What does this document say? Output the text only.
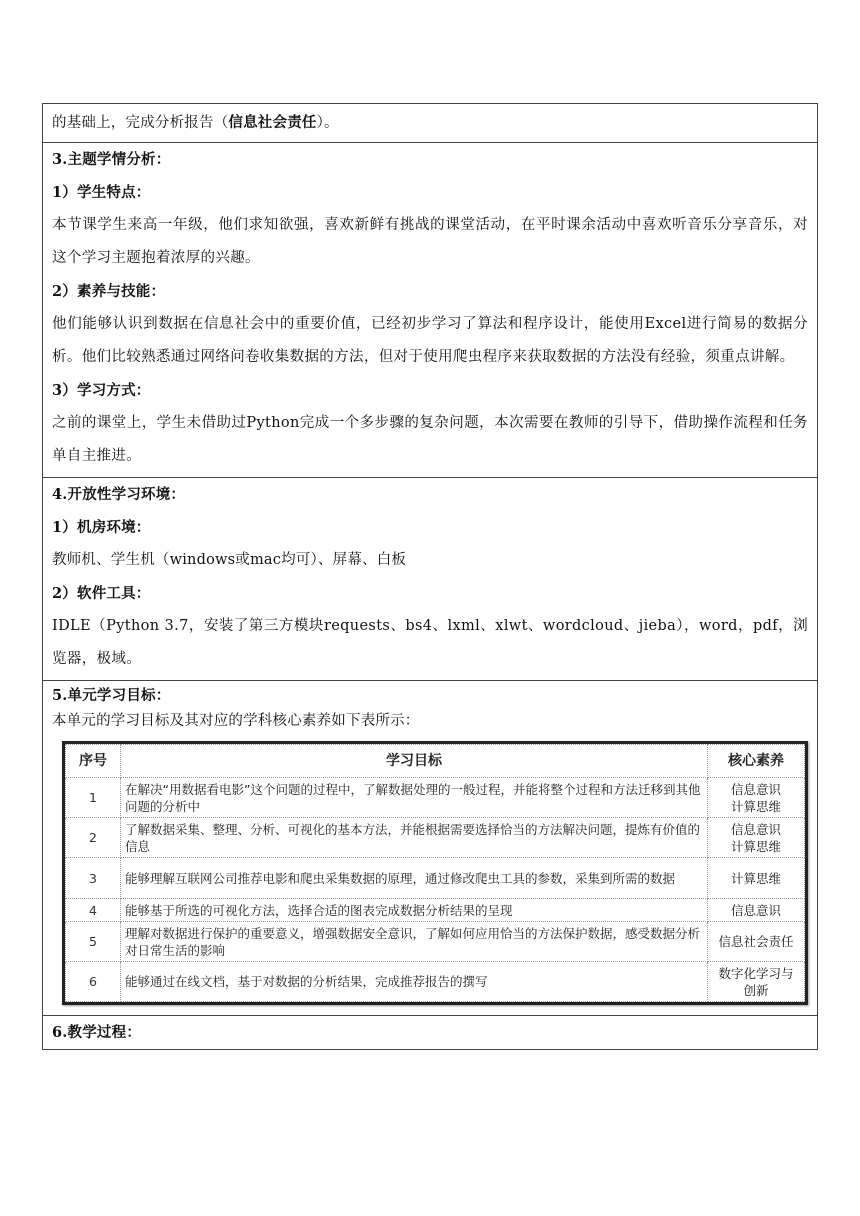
的基础上，完成分析报告（信息社会责任）。

3.主题学情分析：
1）学生特点：
本节课学生来高一年级，他们求知欲强，喜欢新鲜有挑战的课堂活动，在平时课余活动中喜欢听音乐分享音乐，对这个学习主题抱着浓厚的兴趣。
2）素养与技能：
他们能够认识到数据在信息社会中的重要价值，已经初步学习了算法和程序设计，能使用Excel进行简易的数据分析。他们比较熟悉通过网络问卷收集数据的方法，但对于使用爬虫程序来获取数据的方法没有经验，须重点讲解。
3）学习方式：
之前的课堂上，学生未借助过Python完成一个多步骤的复杂问题，本次需要在教师的引导下，借助操作流程和任务单自主推进。

4.开放性学习环境：
1）机房环境：
教师机、学生机（windows或mac均可）、屏幕、白板
2）软件工具：
IDLE（Python 3.7，安装了第三方模块requests、bs4、lxml、xlwt、wordcloud、jieba），word，pdf，浏览器，极域。

5.单元学习目标：
本单元的学习目标及其对应的学科核心素养如下表所示：
序号	学习目标	核心素养
1	在解决“用数据看电影”这个问题的过程中，了解数据处理的一般过程，并能将整个过程和方法迁移到其他问题的分析中	信息意识
计算思维
2	了解数据采集、整理、分析、可视化的基本方法，并能根据需要选择恰当的方法解决问题，提炼有价值的信息	信息意识
计算思维
3	能够理解互联网公司推荐电影和爬虫采集数据的原理，通过修改爬虫工具的参数，采集到所需的数据	计算思维
4	能够基于所选的可视化方法，选择合适的图表完成数据分析结果的呈现	信息意识
5	理解对数据进行保护的重要意义，增强数据安全意识，了解如何应用恰当的方法保护数据，感受数据分析对日常生活的影响	信息社会责任
6	能够通过在线文档，基于对数据的分析结果，完成推荐报告的撰写	数字化学习与
创新

6.教学过程：
